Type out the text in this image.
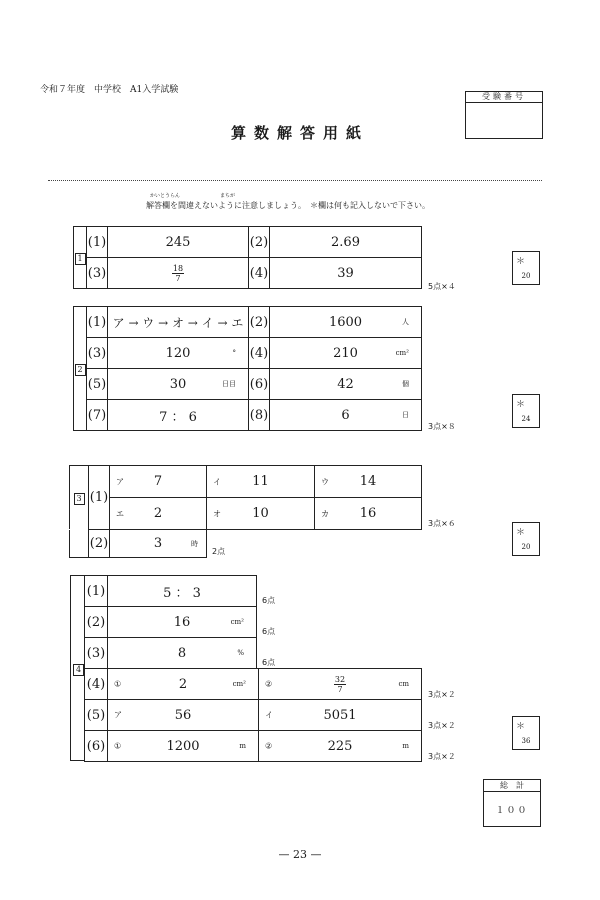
令和７年度　中学校　A1入学試験
算数解答用紙
受験番号
かいとうらん	まちが
解答欄を間違えないように注意しましょう。　＊欄は何も記入しないで下さい。
1	(1)	245	(2)	2.69
	(3)	$\frac{18}{7}$	(4)	39
5点×４
＊
20
2	(1)	ア → ウ → オ → イ → エ	(2)	1600 人

	(3)	120 °	(4)	210 cm²

	(5)	30 日目	(6)	42 個

	(7)	7 ： 6	(8)	6 日
3点×８
＊
24
3	(1)	ア 7	イ 11	ウ 14

		エ 2	オ 10	カ 16
	(2)	3	時
3点×６
2点
＊
20
4
(1)	5 ： 3
(2)	16 cm²

(3)	8 %
6点
6点
6点
(4)	① 2 cm²	② $\frac{32}{7}$ cm

(5)	ア 56	イ 5051
(6)	① 1200 m	② 225 m
3点×２
3点×２
3点×２
＊
36
総　計
１００
— 23 —
